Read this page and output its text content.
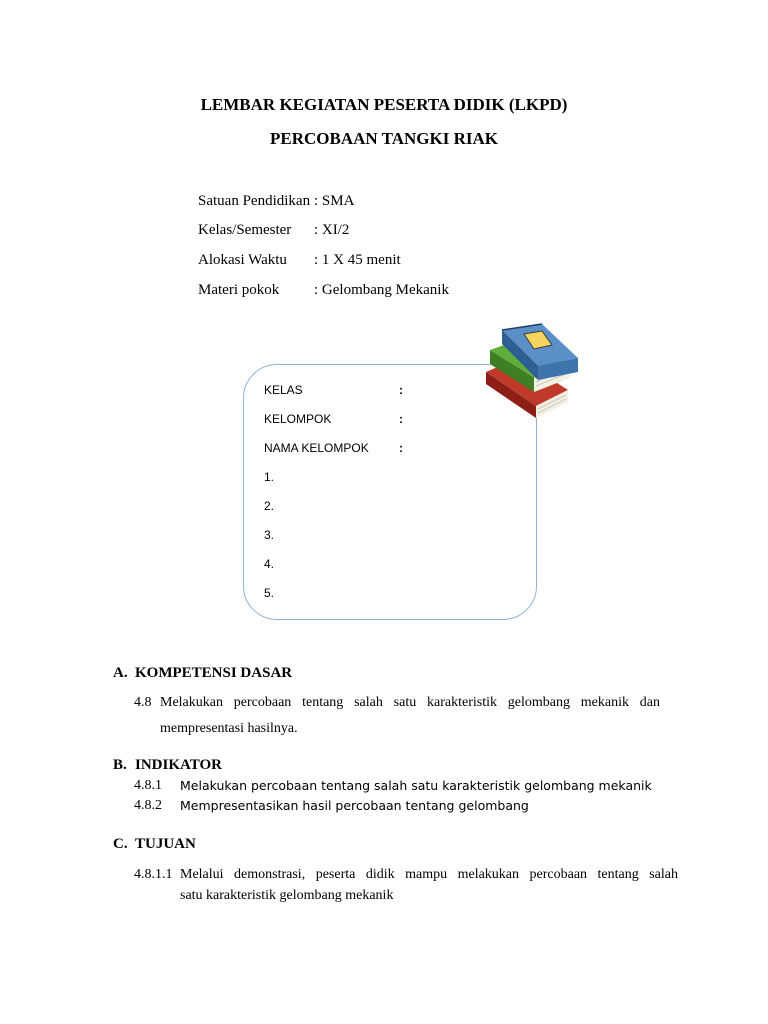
LEMBAR KEGIATAN PESERTA DIDIK (LKPD)
PERCOBAAN TANGKI RIAK
Satuan Pendidikan : SMA
Kelas/Semester : XI/2
Alokasi Waktu : 1 X 45 menit
Materi pokok : Gelombang Mekanik
KELAS	:
KELOMPOK	:
NAMA KELOMPOK	:
1.
2.
3.
4.
5.
A. KOMPETENSI DASAR
4.8 Melakukan percobaan tentang salah satu karakteristik gelombang mekanik dan
mempresentasi hasilnya.
B. INDIKATOR
4.8.1 Melakukan percobaan tentang salah satu karakteristik gelombang mekanik
4.8.2 Mempresentasikan hasil percobaan tentang gelombang
C. TUJUAN
4.8.1.1 Melalui demonstrasi, peserta didik mampu melakukan percobaan tentang salah
satu karakteristik gelombang mekanik
